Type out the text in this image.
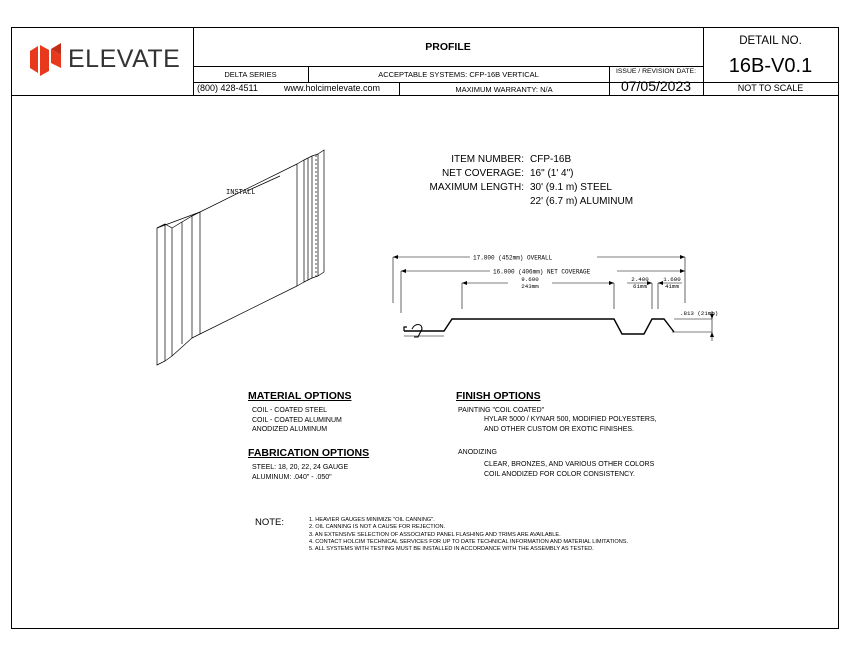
ELEVATE	PROFILE	DETAIL NO.
16B-V0.1
DELTA SERIES	ACCEPTABLE SYSTEMS: CFP-16B VERTICAL	ISSUE / REVISION DATE:
07/05/2023
(800) 428-4511	www.holcimelevate.com	MAXIMUM WARRANTY: N/A	NOT TO SCALE
INSTALL
ITEM NUMBER: CFP-16B
NET COVERAGE: 16" (1' 4")
MAXIMUM LENGTH: 30' (9.1 m) STEEL
22' (6.7 m) ALUMINUM
17.800 (452mm) OVERALL
16.000 (406mm) NET COVERAGE
9.600
243mm
2.400
61mm
1.600
41mm
.813 (21mm)
MATERIAL OPTIONS
COIL - COATED STEEL
COIL - COATED ALUMINUM
ANODIZED ALUMINUM
FABRICATION OPTIONS
STEEL: 18, 20, 22, 24 GAUGE
ALUMINUM: .040" - .050"
FINISH OPTIONS
PAINTING "COIL COATED"
HYLAR 5000 / KYNAR 500, MODIFIED POLYESTERS,
AND OTHER CUSTOM OR EXOTIC FINISHES.
ANODIZING
CLEAR, BRONZES, AND VARIOUS OTHER COLORS
COIL ANODIZED FOR COLOR CONSISTENCY.
NOTE:	1. HEAVIER GAUGES MINIMIZE "OIL CANNING".
2. OIL CANNING IS NOT A CAUSE FOR REJECTION.
3. AN EXTENSIVE SELECTION OF ASSOCIATED PANEL FLASHING AND TRIMS ARE AVAILABLE.
4. CONTACT HOLCIM TECHNICAL SERVICES FOR UP TO DATE TECHNICAL INFORMATION AND MATERIAL LIMITATIONS.
5. ALL SYSTEMS WITH TESTING MUST BE INSTALLED IN ACCORDANCE WITH THE ASSEMBLY AS TESTED.
